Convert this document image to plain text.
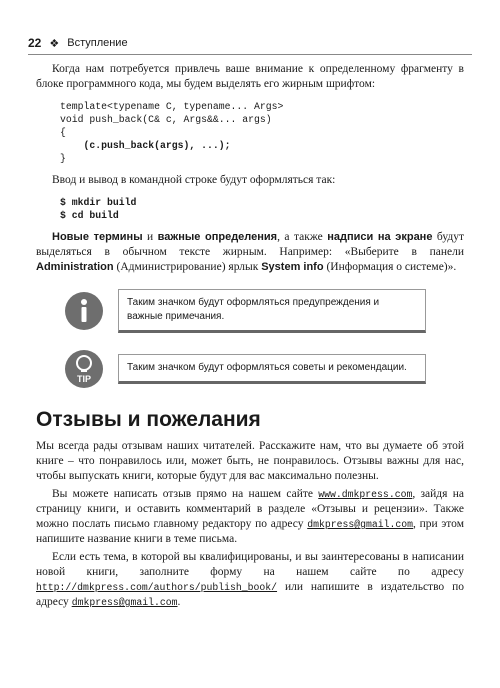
22 ❖ Вступление

Когда нам потребуется привлечь ваше внимание к определенному фрагменту в блоке программного кода, мы будем выделять его жирным шрифтом:

template<typename C, typename... Args>
void push_back(C& c, Args&&... args)
{
(c.push_back(args), ...);
}

Ввод и вывод в командной строке будут оформляться так:

$ mkdir build
$ cd build

Новые термины и важные определения, а также надписи на экране будут выделяться в обычном тексте жирным. Например: «Выберите в панели Administration (Администрирование) ярлык System info (Информация о системе)».

Таким значком будут оформляться предупреждения и важные примечания.
TIP
Таким значком будут оформляться советы и рекомендации.
Отзывы и пожелания

Мы всегда рады отзывам наших читателей. Расскажите нам, что вы думаете об этой книге – что понравилось или, может быть, не понравилось. Отзывы важны для нас, чтобы выпускать книги, которые будут для вас максимально полезны.

Вы можете написать отзыв прямо на нашем сайте www.dmkpress.com, зайдя на страницу книги, и оставить комментарий в разделе «Отзывы и рецензии». Также можно послать письмо главному редактору по адресу dmkpress@gmail.com, при этом напишите название книги в теме письма.

Если есть тема, в которой вы квалифицированы, и вы заинтересованы в написании новой книги, заполните форму на нашем сайте по адресу http://dmkpress.com/authors/publish_book/ или напишите в издательство по адресу dmkpress@gmail.com.
